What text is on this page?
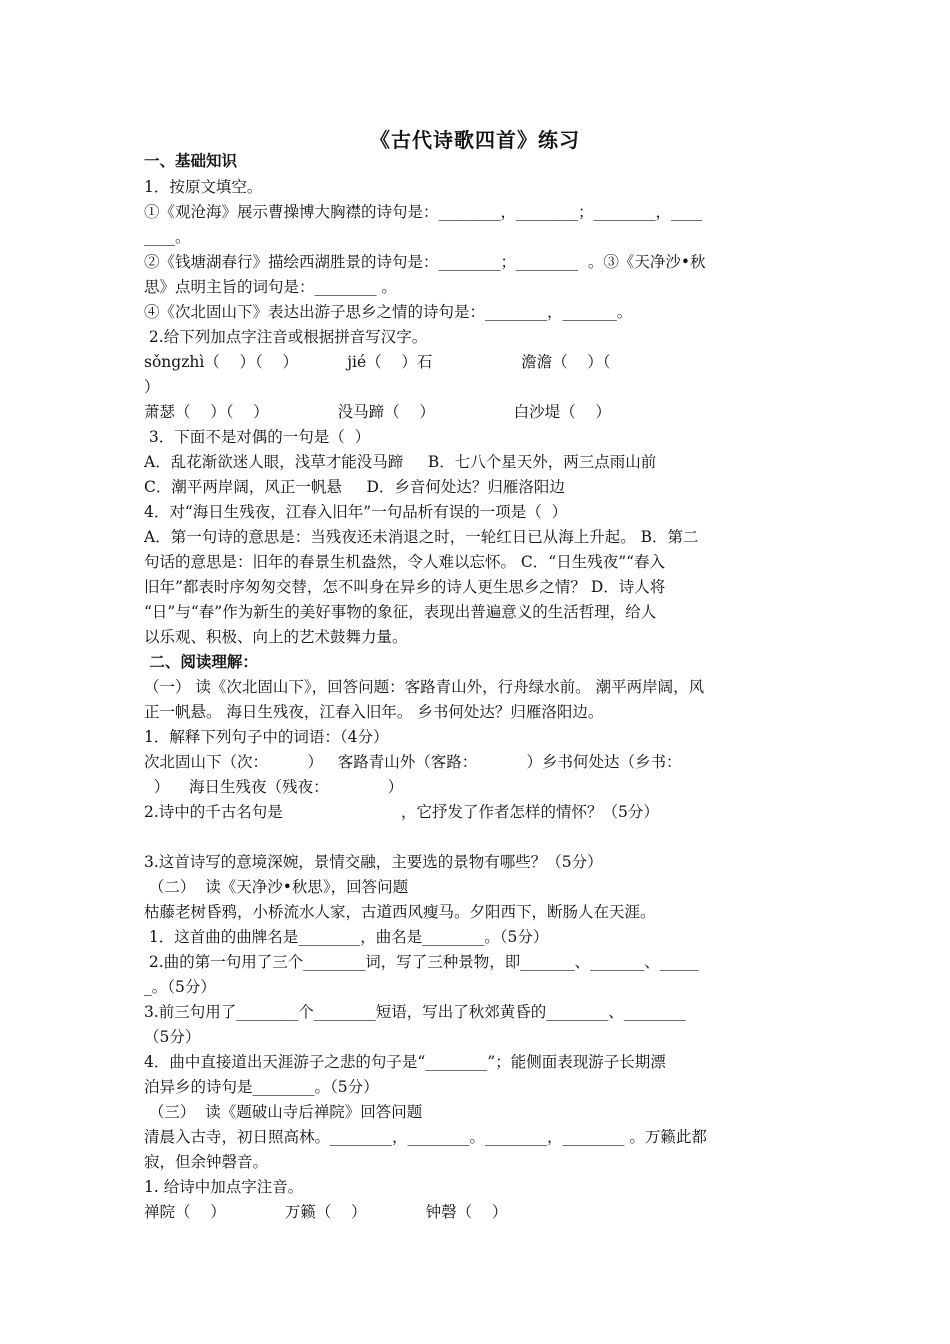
《古代诗歌四首》练习
一、基础知识
1．按原文填空。
①《观沧海》展示曹操博大胸襟的诗句是：________，________；________，____
____。
②《钱塘湖春行》描绘西湖胜景的诗句是：________；________  。③《天净沙•秋
思》点明主旨的词句是：________ 。
④《次北固山下》表达出游子思乡之情的诗句是：________，_______。
2.给下列加点字注音或根据拼音写汉字。
sǒngzhì（    ）（    ）          jié（    ）石                  澹澹（    ）（
）
萧瑟（    ）（    ）              没马蹄（    ）                白沙堤（    ）
3．下面不是对偶的一句是（  ）
A．乱花渐欲迷人眼，浅草才能没马蹄     B．七八个星天外，两三点雨山前
C．潮平两岸阔，风正一帆悬     D．乡音何处达？归雁洛阳边
4．对“海日生残夜，江春入旧年”一句品析有误的一项是（  ）
A．第一句诗的意思是：当残夜还未消退之时，一轮红日已从海上升起。 B．第二
句话的意思是：旧年的春景生机盎然，令人难以忘怀。 C．“日生残夜”“春入
旧年”都表时序匆匆交替，怎不叫身在异乡的诗人更生思乡之情？ D．诗人将
“日”与“春”作为新生的美好事物的象征，表现出普遍意义的生活哲理，给人
以乐观、积极、向上的艺术鼓舞力量。
二、阅读理解：
（一） 读《次北固山下》，回答问题：客路青山外，行舟绿水前。 潮平两岸阔，风
正一帆悬。 海日生残夜，江春入旧年。 乡书何处达？归雁洛阳边。
1．解释下列句子中的词语：（4分）
次北固山下（次：        ）   客路青山外（客路：          ）乡书何处达（乡书：
）    海日生残夜（残夜：            ）
2.诗中的千古名句是                        ，它抒发了作者怎样的情怀？（5分）
3.这首诗写的意境深婉，景情交融，主要选的景物有哪些？（5分）
（二）  读《天净沙•秋思》，回答问题
枯藤老树昏鸦，小桥流水人家，古道西风瘦马。夕阳西下，断肠人在天涯。
1．这首曲的曲牌名是________，曲名是________。（5分）
2.曲的第一句用了三个________词，写了三种景物，即_______、_______、_____
_。（5分）
3.前三句用了________个________短语，写出了秋郊黄昏的________、________
（5分）
4．曲中直接道出天涯游子之悲的句子是“________”；能侧面表现游子长期漂
泊异乡的诗句是________。（5分）
（三）  读《题破山寺后禅院》回答问题
清晨入古寺，初日照高林。________，________。________，________ 。万籁此都
寂，但余钟磬音。
1. 给诗中加点字注音。
禅院（    ）            万籁（    ）            钟磬（    ）
